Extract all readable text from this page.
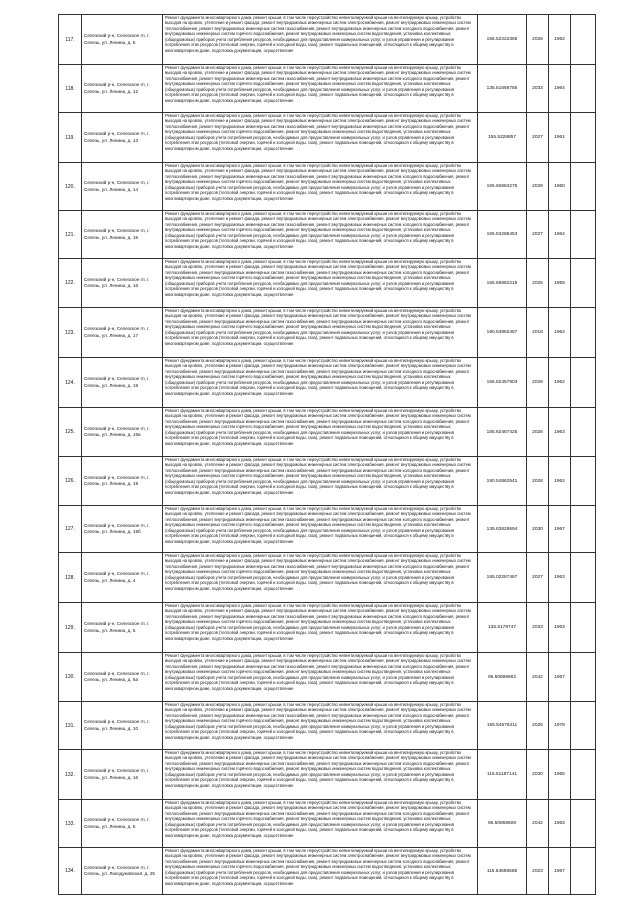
117.	Селезский р-н, Селезское гп, г. Селезь, ул. Ленина, д. 5	Ремонт фундамента многоквартирного дома, ремонт крыши, в том числе переустройство невентилируемой крыши на вентилируемую крышу, устройство выходов на кровлю, утепление и ремонт фасада, ремонт внутридомовых инженерных систем электроснабжения, ремонт внутридомовых инженерных систем теплоснабжения, ремонт внутридомовых инженерных систем газоснабжения, ремонт внутридомовых инженерных систем холодного водоснабжения, ремонт внутридомовых инженерных систем горячего водоснабжения, ремонт внутридомовых инженерных систем водоотведения, установка коллективных (общедомовых) приборов учета потребления ресурсов, необходимых для предоставления коммунальных услуг, и узлов управления и регулирования потребления этих ресурсов (тепловой энергии, горячей и холодной воды, газа), ремонт подвальных помещений, относящихся к общему имуществу в многоквартирном доме, подготовка документации, осуществление	156.52222356	2028	1962	
118.	Селезский р-н, Селезское гп, г. Селезь, ул. Ленина, д. 12	Ремонт фундамента многоквартирного дома, ремонт крыши, в том числе переустройство невентилируемой крыши на вентилируемую крышу, устройство выходов на кровлю, утепление и ремонт фасада, ремонт внутридомовых инженерных систем электроснабжения, ремонт внутридомовых инженерных систем теплоснабжения, ремонт внутридомовых инженерных систем газоснабжения, ремонт внутридомовых инженерных систем холодного водоснабжения, ремонт внутридомовых инженерных систем горячего водоснабжения, ремонт внутридомовых инженерных систем водоотведения, установка коллективных (общедомовых) приборов учета потребления ресурсов, необходимых для предоставления коммунальных услуг, и узлов управления и регулирования потребления этих ресурсов (тепловой энергии, горячей и холодной воды, газа), ремонт подвальных помещений, относящихся к общему имуществу в многоквартирном доме, подготовка документации, осуществление	135.51666756	2033	1964	
119.	Селезский р-н, Селезское гп, г. Селезь, ул. Ленина, д. 13	Ремонт фундамента многоквартирного дома, ремонт крыши, в том числе переустройство невентилируемой крыши на вентилируемую крышу, устройство выходов на кровлю, утепление и ремонт фасада, ремонт внутридомовых инженерных систем электроснабжения, ремонт внутридомовых инженерных систем теплоснабжения, ремонт внутридомовых инженерных систем газоснабжения, ремонт внутридомовых инженерных систем холодного водоснабжения, ремонт внутридомовых инженерных систем горячего водоснабжения, ремонт внутридомовых инженерных систем водоотведения, установка коллективных (общедомовых) приборов учета потребления ресурсов, необходимых для предоставления коммунальных услуг, и узлов управления и регулирования потребления этих ресурсов (тепловой энергии, горячей и холодной воды, газа), ремонт подвальных помещений, относящихся к общему имуществу в многоквартирном доме, подготовка документации, осуществление	155.5328857	2027	1961	
120.	Селезский р-н, Селезское гп, г. Селезь, ул. Ленина, д. 14	Ремонт фундамента многоквартирного дома, ремонт крыши, в том числе переустройство невентилируемой крыши на вентилируемую крышу, устройство выходов на кровлю, утепление и ремонт фасада, ремонт внутридомовых инженерных систем электроснабжения, ремонт внутридомовых инженерных систем теплоснабжения, ремонт внутридомовых инженерных систем газоснабжения, ремонт внутридомовых инженерных систем холодного водоснабжения, ремонт внутридомовых инженерных систем горячего водоснабжения, ремонт внутридомовых инженерных систем водоотведения, установка коллективных (общедомовых) приборов учета потребления ресурсов, необходимых для предоставления коммунальных услуг, и узлов управления и регулирования потребления этих ресурсов (тепловой энергии, горячей и холодной воды, газа), ремонт подвальных помещений, относящихся к общему имуществу в многоквартирном доме, подготовка документации, осуществление	155.60684275	2028	1960	
121.	Селезский р-н, Селезское гп, г. Селезь, ул. Ленина, д. 15	Ремонт фундамента многоквартирного дома, ремонт крыши, в том числе переустройство невентилируемой крыши на вентилируемую крышу, устройство выходов на кровлю, утепление и ремонт фасада, ремонт внутридомовых инженерных систем электроснабжения, ремонт внутридомовых инженерных систем теплоснабжения, ремонт внутридомовых инженерных систем газоснабжения, ремонт внутридомовых инженерных систем холодного водоснабжения, ремонт внутридомовых инженерных систем горячего водоснабжения, ремонт внутридомовых инженерных систем водоотведения, установка коллективных (общедомовых) приборов учета потребления ресурсов, необходимых для предоставления коммунальных услуг, и узлов управления и регулирования потребления этих ресурсов (тепловой энергии, горячей и холодной воды, газа), ремонт подвальных помещений, относящихся к общему имуществу в многоквартирном доме, подготовка документации, осуществление	155.53286453	2027	1964	
122.	Селезский р-н, Селезское гп, г. Селезь, ул. Ленина, д. 16	Ремонт фундамента многоквартирного дома, ремонт крыши, в том числе переустройство невентилируемой крыши на вентилируемую крышу, устройство выходов на кровлю, утепление и ремонт фасада, ремонт внутридомовых инженерных систем электроснабжения, ремонт внутридомовых инженерных систем теплоснабжения, ремонт внутридомовых инженерных систем газоснабжения, ремонт внутридомовых инженерных систем холодного водоснабжения, ремонт внутридомовых инженерных систем горячего водоснабжения, ремонт внутридомовых инженерных систем водоотведения, установка коллективных (общедомовых) приборов учета потребления ресурсов, необходимых для предоставления коммунальных услуг, и узлов управления и регулирования потребления этих ресурсов (тепловой энергии, горячей и холодной воды, газа), ремонт подвальных помещений, относящихся к общему имуществу в многоквартирном доме, подготовка документации, осуществление	155.55882215	2025	1959	
123.	Селезский р-н, Селезское гп, г. Селезь, ул. Ленина, д. 17	Ремонт фундамента многоквартирного дома, ремонт крыши, в том числе переустройство невентилируемой крыши на вентилируемую крышу, устройство выходов на кровлю, утепление и ремонт фасада, ремонт внутридомовых инженерных систем электроснабжения, ремонт внутридомовых инженерных систем теплоснабжения, ремонт внутридомовых инженерных систем газоснабжения, ремонт внутридомовых инженерных систем холодного водоснабжения, ремонт внутридомовых инженерных систем горячего водоснабжения, ремонт внутридомовых инженерных систем водоотведения, установка коллективных (общедомовых) приборов учета потребления ресурсов, необходимых для предоставления коммунальных услуг, и узлов управления и регулирования потребления этих ресурсов (тепловой энергии, горячей и холодной воды, газа), ремонт подвальных помещений, относящихся к общему имуществу в многоквартирном доме, подготовка документации, осуществление	190.54862457	2018	1962	
124.	Селезский р-н, Селезское гп, г. Селезь, ул. Ленина, д. 18	Ремонт фундамента многоквартирного дома, ремонт крыши, в том числе переустройство невентилируемой крыши на вентилируемую крышу, устройство выходов на кровлю, утепление и ремонт фасада, ремонт внутридомовых инженерных систем электроснабжения, ремонт внутридомовых инженерных систем теплоснабжения, ремонт внутридомовых инженерных систем газоснабжения, ремонт внутридомовых инженерных систем холодного водоснабжения, ремонт внутридомовых инженерных систем горячего водоснабжения, ремонт внутридомовых инженерных систем водоотведения, установка коллективных (общедомовых) приборов учета потребления ресурсов, необходимых для предоставления коммунальных услуг, и узлов управления и регулирования потребления этих ресурсов (тепловой энергии, горячей и холодной воды, газа), ремонт подвальных помещений, относящихся к общему имуществу в многоквартирном доме, подготовка документации, осуществление	156.52457903	2028	1962	
125.	Селезский р-н, Селезское гп, г. Селезь, ул. Ленина, д. 18а	Ремонт фундамента многоквартирного дома, ремонт крыши, в том числе переустройство невентилируемой крыши на вентилируемую крышу, устройство выходов на кровлю, утепление и ремонт фасада, ремонт внутридомовых инженерных систем электроснабжения, ремонт внутридомовых инженерных систем теплоснабжения, ремонт внутридомовых инженерных систем газоснабжения, ремонт внутридомовых инженерных систем холодного водоснабжения, ремонт внутридомовых инженерных систем горячего водоснабжения, ремонт внутридомовых инженерных систем водоотведения, установка коллективных (общедомовых) приборов учета потребления ресурсов, необходимых для предоставления коммунальных услуг, и узлов управления и регулирования потребления этих ресурсов (тепловой энергии, горячей и холодной воды, газа), ремонт подвальных помещений, относящихся к общему имуществу в многоквартирном доме, подготовка документации, осуществление	155.62487425	2028	1963	
126.	Селезский р-н, Селезское гп, г. Селезь, ул. Ленина, д. 19	Ремонт фундамента многоквартирного дома, ремонт крыши, в том числе переустройство невентилируемой крыши на вентилируемую крышу, устройство выходов на кровлю, утепление и ремонт фасада, ремонт внутридомовых инженерных систем электроснабжения, ремонт внутридомовых инженерных систем теплоснабжения, ремонт внутридомовых инженерных систем газоснабжения, ремонт внутридомовых инженерных систем холодного водоснабжения, ремонт внутридомовых инженерных систем горячего водоснабжения, ремонт внутридомовых инженерных систем водоотведения, установка коллективных (общедомовых) приборов учета потребления ресурсов, необходимых для предоставления коммунальных услуг, и узлов управления и регулирования потребления этих ресурсов (тепловой энергии, горячей и холодной воды, газа), ремонт подвальных помещений, относящихся к общему имуществу в многоквартирном доме, подготовка документации, осуществление	190.54862541	2028	1962	
127.	Селезский р-н, Селезское гп, г. Селезь, ул. Ленина, д. 19б	Ремонт фундамента многоквартирного дома, ремонт крыши, в том числе переустройство невентилируемой крыши на вентилируемую крышу, устройство выходов на кровлю, утепление и ремонт фасада, ремонт внутридомовых инженерных систем электроснабжения, ремонт внутридомовых инженерных систем теплоснабжения, ремонт внутридомовых инженерных систем газоснабжения, ремонт внутридомовых инженерных систем холодного водоснабжения, ремонт внутридомовых инженерных систем горячего водоснабжения, ремонт внутридомовых инженерных систем водоотведения, установка коллективных (общедомовых) приборов учета потребления ресурсов, необходимых для предоставления коммунальных услуг, и узлов управления и регулирования потребления этих ресурсов (тепловой энергии, горячей и холодной воды, газа), ремонт подвальных помещений, относящихся к общему имуществу в многоквартирном доме, подготовка документации, осуществление	135.63828694	2030	1967	
128.	Селезский р-н, Селезское гп, г. Селезь, ул. Ленина, д. 4	Ремонт фундамента многоквартирного дома, ремонт крыши, в том числе переустройство невентилируемой крыши на вентилируемую крышу, устройство выходов на кровлю, утепление и ремонт фасада, ремонт внутридомовых инженерных систем электроснабжения, ремонт внутридомовых инженерных систем теплоснабжения, ремонт внутридомовых инженерных систем газоснабжения, ремонт внутридомовых инженерных систем холодного водоснабжения, ремонт внутридомовых инженерных систем горячего водоснабжения, ремонт внутридомовых инженерных систем водоотведения, установка коллективных (общедомовых) приборов учета потребления ресурсов, необходимых для предоставления коммунальных услуг, и узлов управления и регулирования потребления этих ресурсов (тепловой энергии, горячей и холодной воды, газа), ремонт подвальных помещений, относящихся к общему имуществу в многоквартирном доме, подготовка документации, осуществление	155.02287467	2027	1963	
129.	Селезский р-н, Селезское гп, г. Селезь, ул. Ленина, д. 5	Ремонт фундамента многоквартирного дома, ремонт крыши, в том числе переустройство невентилируемой крыши на вентилируемую крышу, устройство выходов на кровлю, утепление и ремонт фасада, ремонт внутридомовых инженерных систем электроснабжения, ремонт внутридомовых инженерных систем теплоснабжения, ремонт внутридомовых инженерных систем газоснабжения, ремонт внутридомовых инженерных систем холодного водоснабжения, ремонт внутридомовых инженерных систем горячего водоснабжения, ремонт внутридомовых инженерных систем водоотведения, установка коллективных (общедомовых) приборов учета потребления ресурсов, необходимых для предоставления коммунальных услуг, и узлов управления и регулирования потребления этих ресурсов (тепловой энергии, горячей и холодной воды, газа), ремонт подвальных помещений, относящихся к общему имуществу в многоквартирном доме, подготовка документации, осуществление	135.5178747	2033	1963	
130.	Селезский р-н, Селезское гп, г. Селезь, ул. Ленина, д. 6а	Ремонт фундамента многоквартирного дома, ремонт крыши, в том числе переустройство невентилируемой крыши на вентилируемую крышу, устройство выходов на кровлю, утепление и ремонт фасада, ремонт внутридомовых инженерных систем электроснабжения, ремонт внутридомовых инженерных систем теплоснабжения, ремонт внутридомовых инженерных систем газоснабжения, ремонт внутридомовых инженерных систем холодного водоснабжения, ремонт внутридомовых инженерных систем горячего водоснабжения, ремонт внутридомовых инженерных систем водоотведения, установка коллективных (общедомовых) приборов учета потребления ресурсов, необходимых для предоставления коммунальных услуг, и узлов управления и регулирования потребления этих ресурсов (тепловой энергии, горячей и холодной воды, газа), ремонт подвальных помещений, относящихся к общему имуществу в многоквартирном доме, подготовка документации, осуществление	95.50898662	2042	1957	
131.	Селезский р-н, Селезское гп, г. Селезь, ул. Ленина, д. 10	Ремонт фундамента многоквартирного дома, ремонт крыши, в том числе переустройство невентилируемой крыши на вентилируемую крышу, устройство выходов на кровлю, утепление и ремонт фасада, ремонт внутридомовых инженерных систем электроснабжения, ремонт внутридомовых инженерных систем теплоснабжения, ремонт внутридомовых инженерных систем газоснабжения, ремонт внутридомовых инженерных систем холодного водоснабжения, ремонт внутридомовых инженерных систем горячего водоснабжения, ремонт внутридомовых инженерных систем водоотведения, установка коллективных (общедомовых) приборов учета потребления ресурсов, необходимых для предоставления коммунальных услуг, и узлов управления и регулирования потребления этих ресурсов (тепловой энергии, горячей и холодной воды, газа), ремонт подвальных помещений, относящихся к общему имуществу в многоквартирном доме, подготовка документации, осуществление	155.54576411	2026	1978	
132.	Селезский р-н, Селезское гп, г. Селезь, ул. Ленина, д. 16	Ремонт фундамента многоквартирного дома, ремонт крыши, в том числе переустройство невентилируемой крыши на вентилируемую крышу, устройство выходов на кровлю, утепление и ремонт фасада, ремонт внутридомовых инженерных систем электроснабжения, ремонт внутридомовых инженерных систем теплоснабжения, ремонт внутридомовых инженерных систем газоснабжения, ремонт внутридомовых инженерных систем холодного водоснабжения, ремонт внутридомовых инженерных систем горячего водоснабжения, ремонт внутридомовых инженерных систем водоотведения, установка коллективных (общедомовых) приборов учета потребления ресурсов, необходимых для предоставления коммунальных услуг, и узлов управления и регулирования потребления этих ресурсов (тепловой энергии, горячей и холодной воды, газа), ремонт подвальных помещений, относящихся к общему имуществу в многоквартирном доме, подготовка документации, осуществление	115.51187141	2030	1965	
133.	Селезский р-н, Селезское гп, г. Селезь, ул. Ленина, д. 5	Ремонт фундамента многоквартирного дома, ремонт крыши, в том числе переустройство невентилируемой крыши на вентилируемую крышу, устройство выходов на кровлю, утепление и ремонт фасада, ремонт внутридомовых инженерных систем электроснабжения, ремонт внутридомовых инженерных систем теплоснабжения, ремонт внутридомовых инженерных систем газоснабжения, ремонт внутридомовых инженерных систем холодного водоснабжения, ремонт внутридомовых инженерных систем горячего водоснабжения, ремонт внутридомовых инженерных систем водоотведения, установка коллективных (общедомовых) приборов учета потребления ресурсов, необходимых для предоставления коммунальных услуг, и узлов управления и регулирования потребления этих ресурсов (тепловой энергии, горячей и холодной воды, газа), ремонт подвальных помещений, относящихся к общему имуществу в многоквартирном доме, подготовка документации, осуществление	95.50858608	2042	1963	
134.	Селезский р-н, Селезское гп, г. Селезь, ул. Лиходумовская, д. 25	Ремонт фундамента многоквартирного дома, ремонт крыши, в том числе переустройство невентилируемой крыши на вентилируемую крышу, устройство выходов на кровлю, утепление и ремонт фасада, ремонт внутридомовых инженерных систем электроснабжения, ремонт внутридомовых инженерных систем теплоснабжения, ремонт внутридомовых инженерных систем газоснабжения, ремонт внутридомовых инженерных систем холодного водоснабжения, ремонт внутридомовых инженерных систем горячего водоснабжения, ремонт внутридомовых инженерных систем водоотведения, установка коллективных (общедомовых) приборов учета потребления ресурсов, необходимых для предоставления коммунальных услуг, и узлов управления и регулирования потребления этих ресурсов (тепловой энергии, горячей и холодной воды, газа), ремонт подвальных помещений, относящихся к общему имуществу в многоквартирном доме, подготовка документации, осуществление	115.54666588	2023	1967	
